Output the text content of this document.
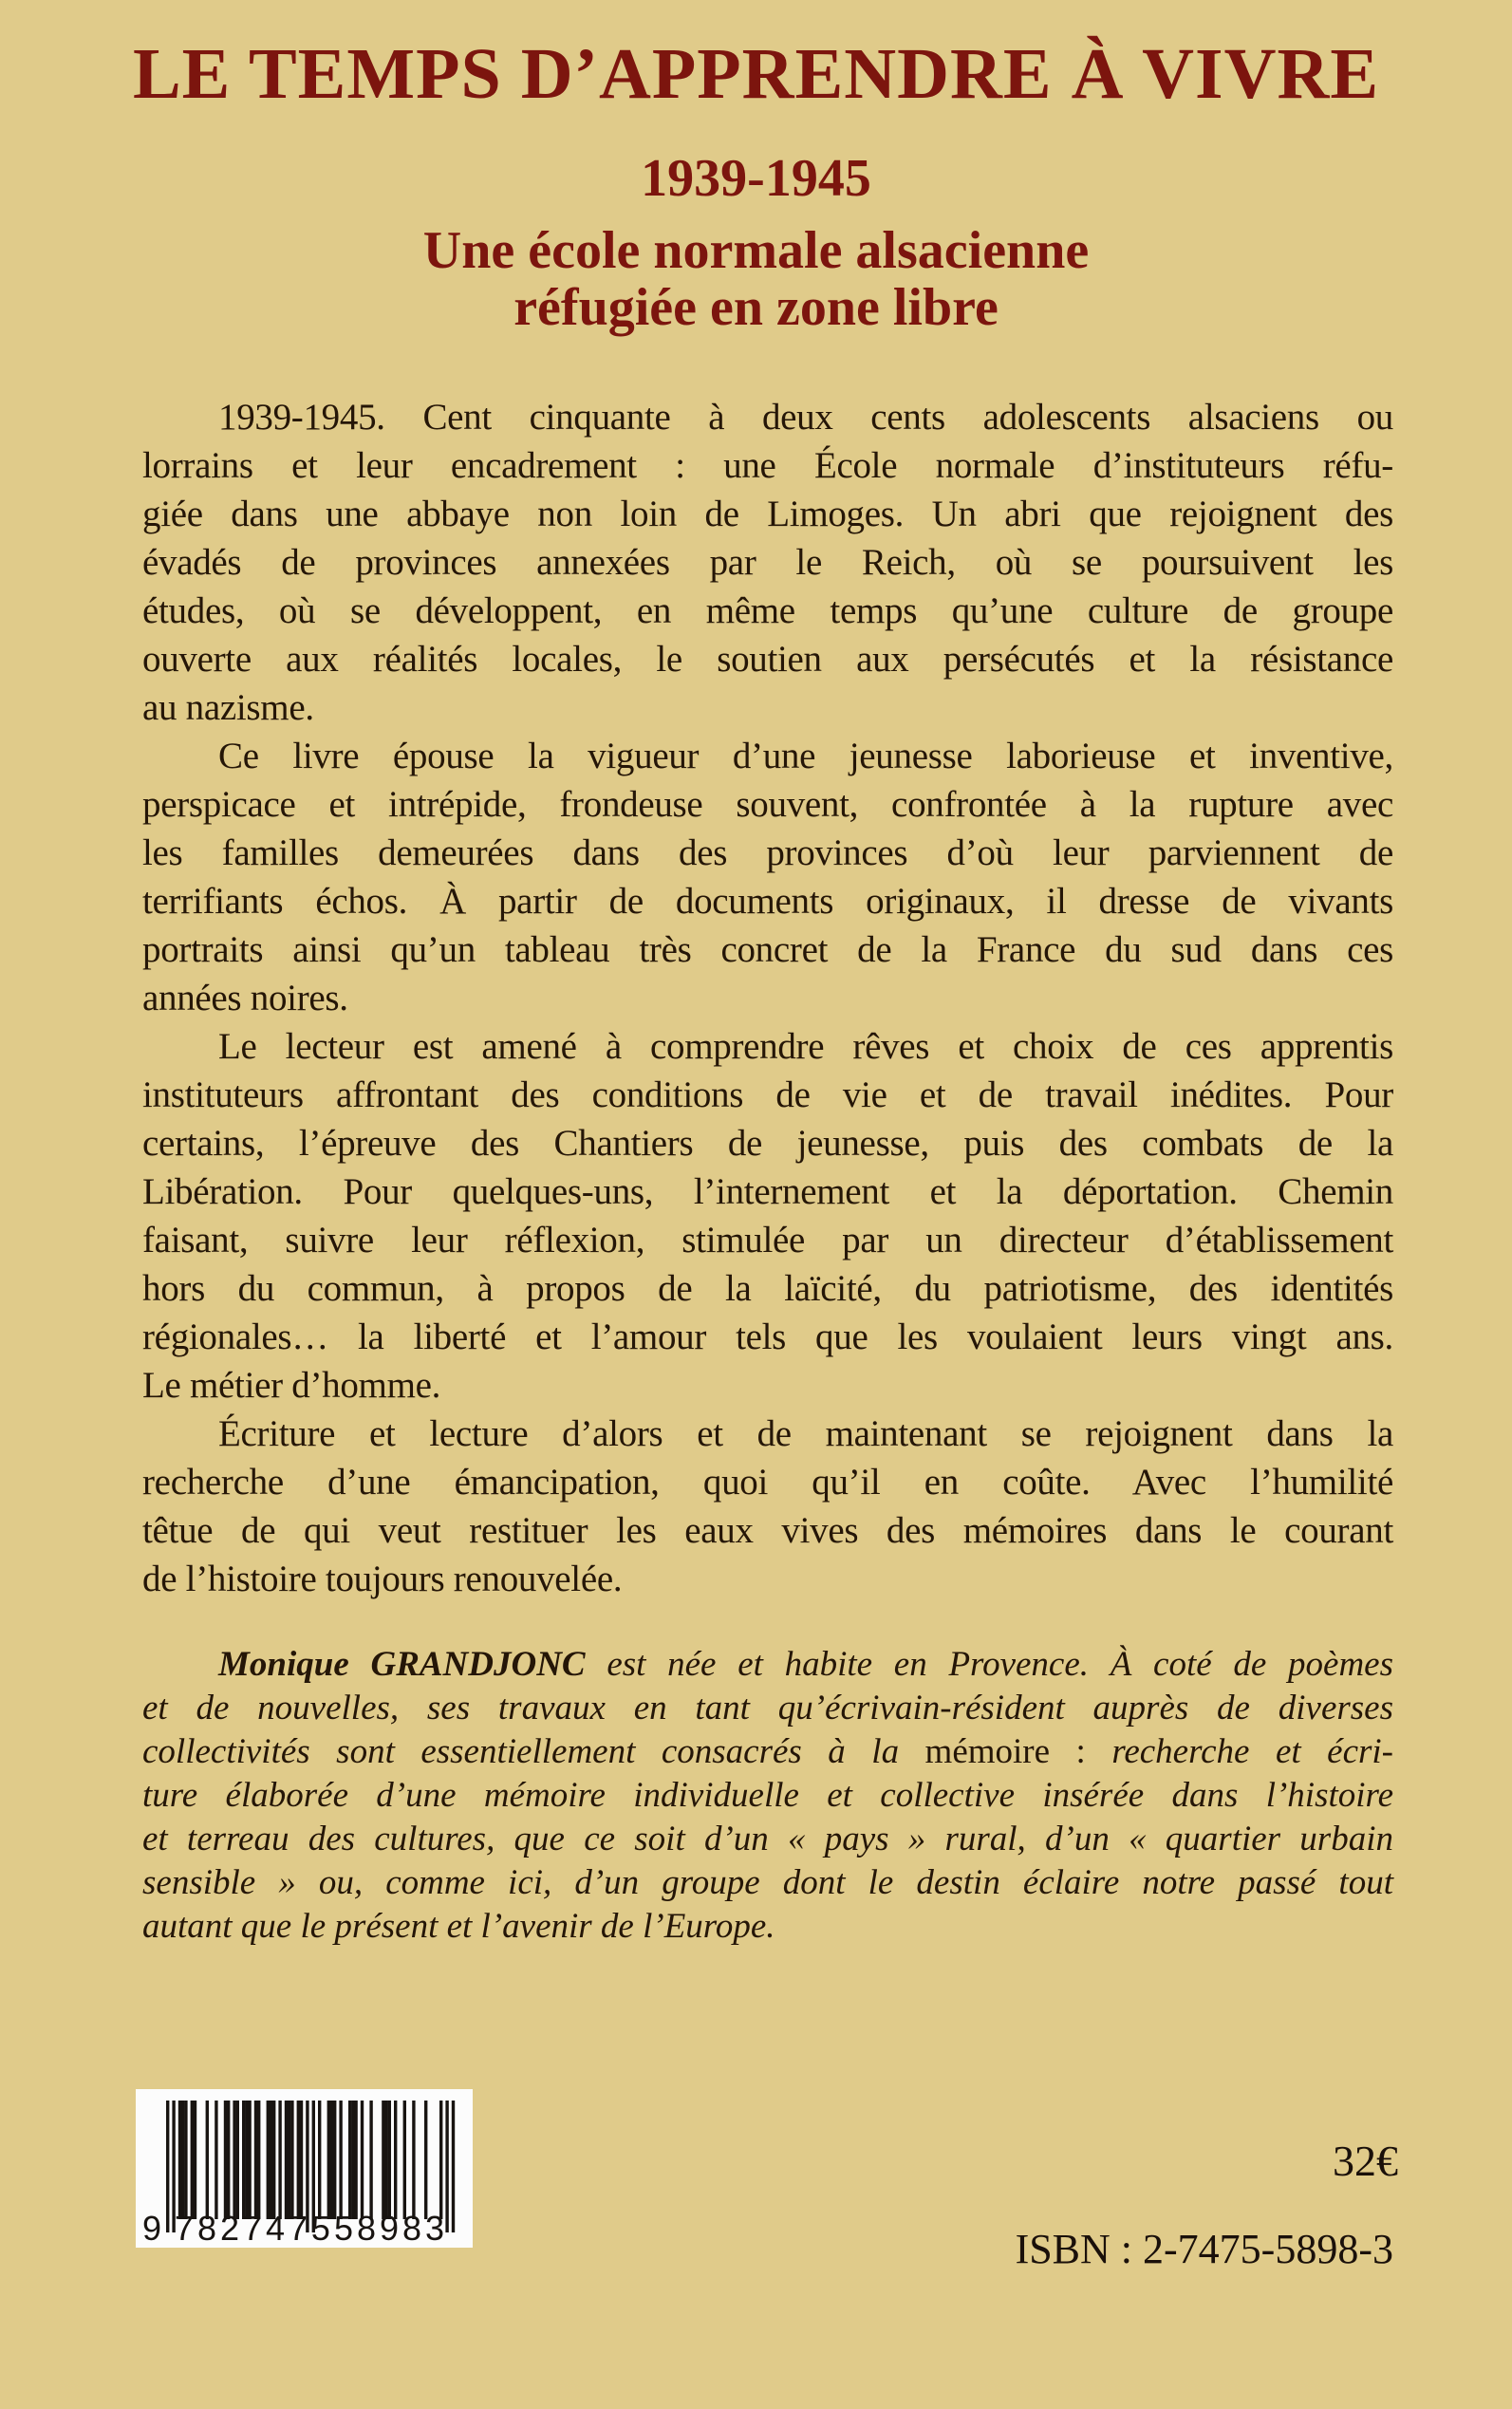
LE TEMPS D’APPRENDRE À VIVRE
1939-1945
Une école normale alsacienne
réfugiée en zone libre
1939-1945. Cent cinquante à deux cents adolescents alsaciens ou
lorrains et leur encadrement : une École normale d’instituteurs réfu-
giée dans une abbaye non loin de Limoges. Un abri que rejoignent des
évadés de provinces annexées par le Reich, où se poursuivent les
études, où se développent, en même temps qu’une culture de groupe
ouverte aux réalités locales, le soutien aux persécutés et la résistance
au nazisme.
Ce livre épouse la vigueur d’une jeunesse laborieuse et inventive,
perspicace et intrépide, frondeuse souvent, confrontée à la rupture avec
les familles demeurées dans des provinces d’où leur parviennent de
terrifiants échos. À partir de documents originaux, il dresse de vivants
portraits ainsi qu’un tableau très concret de la France du sud dans ces
années noires.
Le lecteur est amené à comprendre rêves et choix de ces apprentis
instituteurs affrontant des conditions de vie et de travail inédites. Pour
certains, l’épreuve des Chantiers de jeunesse, puis des combats de la
Libération. Pour quelques-uns, l’internement et la déportation. Chemin
faisant, suivre leur réflexion, stimulée par un directeur d’établissement
hors du commun, à propos de la laïcité, du patriotisme, des identités
régionales… la liberté et l’amour tels que les voulaient leurs vingt ans.
Le métier d’homme.
Écriture et lecture d’alors et de maintenant se rejoignent dans la
recherche d’une émancipation, quoi qu’il en coûte. Avec l’humilité
têtue de qui veut restituer les eaux vives des mémoires dans le courant
de l’histoire toujours renouvelée.
Monique GRANDJONC est née et habite en Provence. À coté de poèmes
et de nouvelles, ses travaux en tant qu’écrivain-résident auprès de diverses
collectivités sont essentiellement consacrés à la mémoire : recherche et écri-
ture élaborée d’une mémoire individuelle et collective insérée dans l’histoire
et terreau des cultures, que ce soit d’un « pays » rural, d’un « quartier urbain
sensible » ou, comme ici, d’un groupe dont le destin éclaire notre passé tout
autant que le présent et l’avenir de l’Europe.
9 782747 558983
32€
ISBN : 2-7475-5898-3
